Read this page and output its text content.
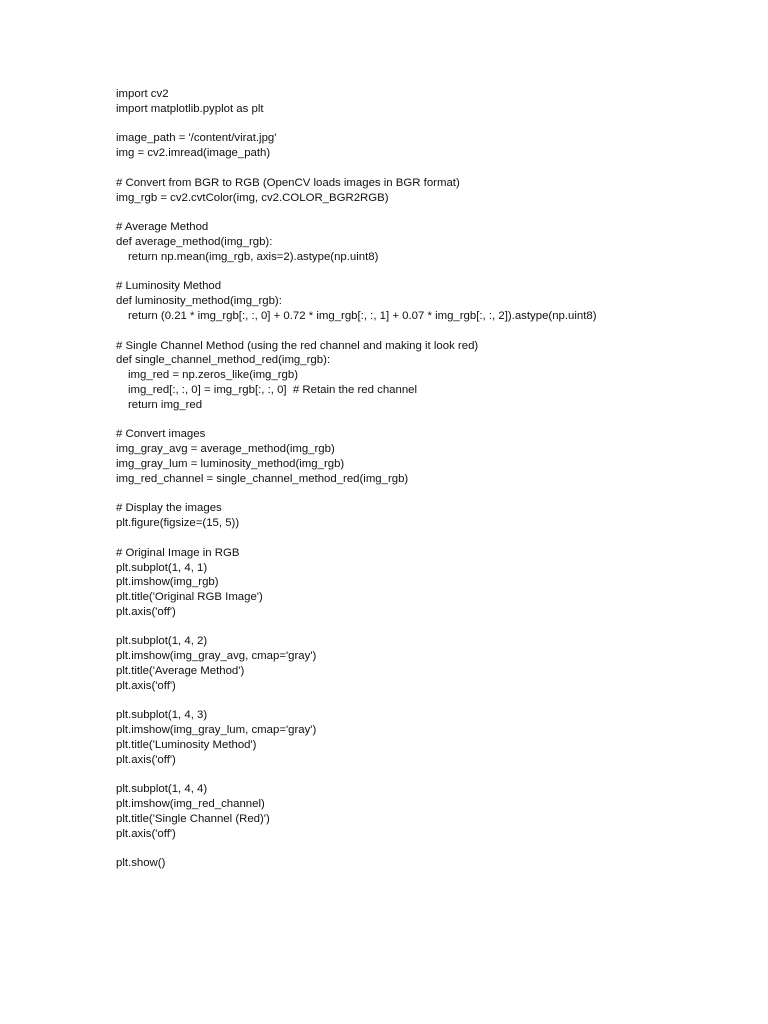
import cv2
import matplotlib.pyplot as plt
image_path = '/content/virat.jpg'
img = cv2.imread(image_path)
# Convert from BGR to RGB (OpenCV loads images in BGR format)
img_rgb = cv2.cvtColor(img, cv2.COLOR_BGR2RGB)
# Average Method
def average_method(img_rgb):
return np.mean(img_rgb, axis=2).astype(np.uint8)
# Luminosity Method
def luminosity_method(img_rgb):
return (0.21 * img_rgb[:, :, 0] + 0.72 * img_rgb[:, :, 1] + 0.07 * img_rgb[:, :, 2]).astype(np.uint8)
# Single Channel Method (using the red channel and making it look red)
def single_channel_method_red(img_rgb):
img_red = np.zeros_like(img_rgb)
img_red[:, :, 0] = img_rgb[:, :, 0]  # Retain the red channel
return img_red
# Convert images
img_gray_avg = average_method(img_rgb)
img_gray_lum = luminosity_method(img_rgb)
img_red_channel = single_channel_method_red(img_rgb)
# Display the images
plt.figure(figsize=(15, 5))
# Original Image in RGB
plt.subplot(1, 4, 1)
plt.imshow(img_rgb)
plt.title('Original RGB Image')
plt.axis('off')
plt.subplot(1, 4, 2)
plt.imshow(img_gray_avg, cmap='gray')
plt.title('Average Method')
plt.axis('off')
plt.subplot(1, 4, 3)
plt.imshow(img_gray_lum, cmap='gray')
plt.title('Luminosity Method')
plt.axis('off')
plt.subplot(1, 4, 4)
plt.imshow(img_red_channel)
plt.title('Single Channel (Red)')
plt.axis('off')
plt.show()
